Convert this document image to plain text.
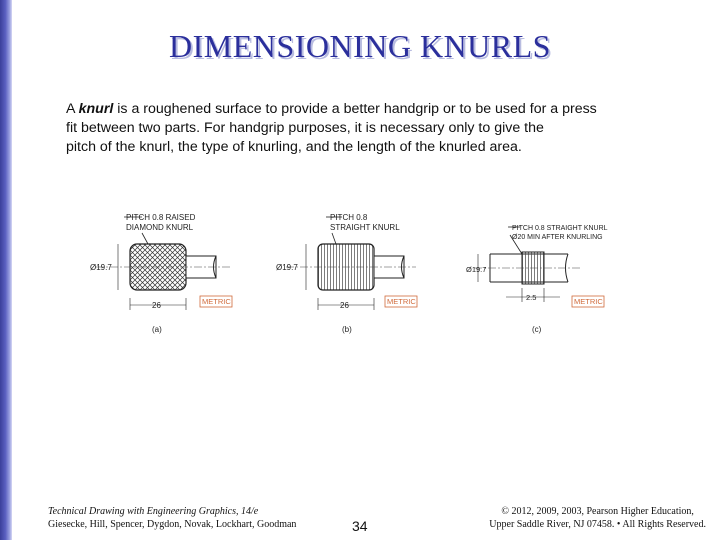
DIMENSIONING KNURLS
A knurl is a roughened surface to provide a better handgrip or to be used for a press
fit between two parts. For handgrip purposes, it is necessary only to give the
pitch of the knurl, the type of knurling, and the length of the knurled area.
PITCH 0.8 RAISED
DIAMOND KNURL
Ø19.7
26	METRIC
(a)
PITCH 0.8
STRAIGHT KNURL
Ø19.7
26	METRIC
(b)
PITCH 0.8 STRAIGHT KNURL
Ø20 MIN AFTER KNURLING
Ø19.7
2.5	METRIC
(c)
Technical Drawing with Engineering Graphics, 14/e
Giesecke, Hill, Spencer, Dygdon, Novak, Lockhart, Goodman	34
© 2012, 2009, 2003, Pearson Higher Education,
Upper Saddle River, NJ 07458. • All Rights Reserved.
